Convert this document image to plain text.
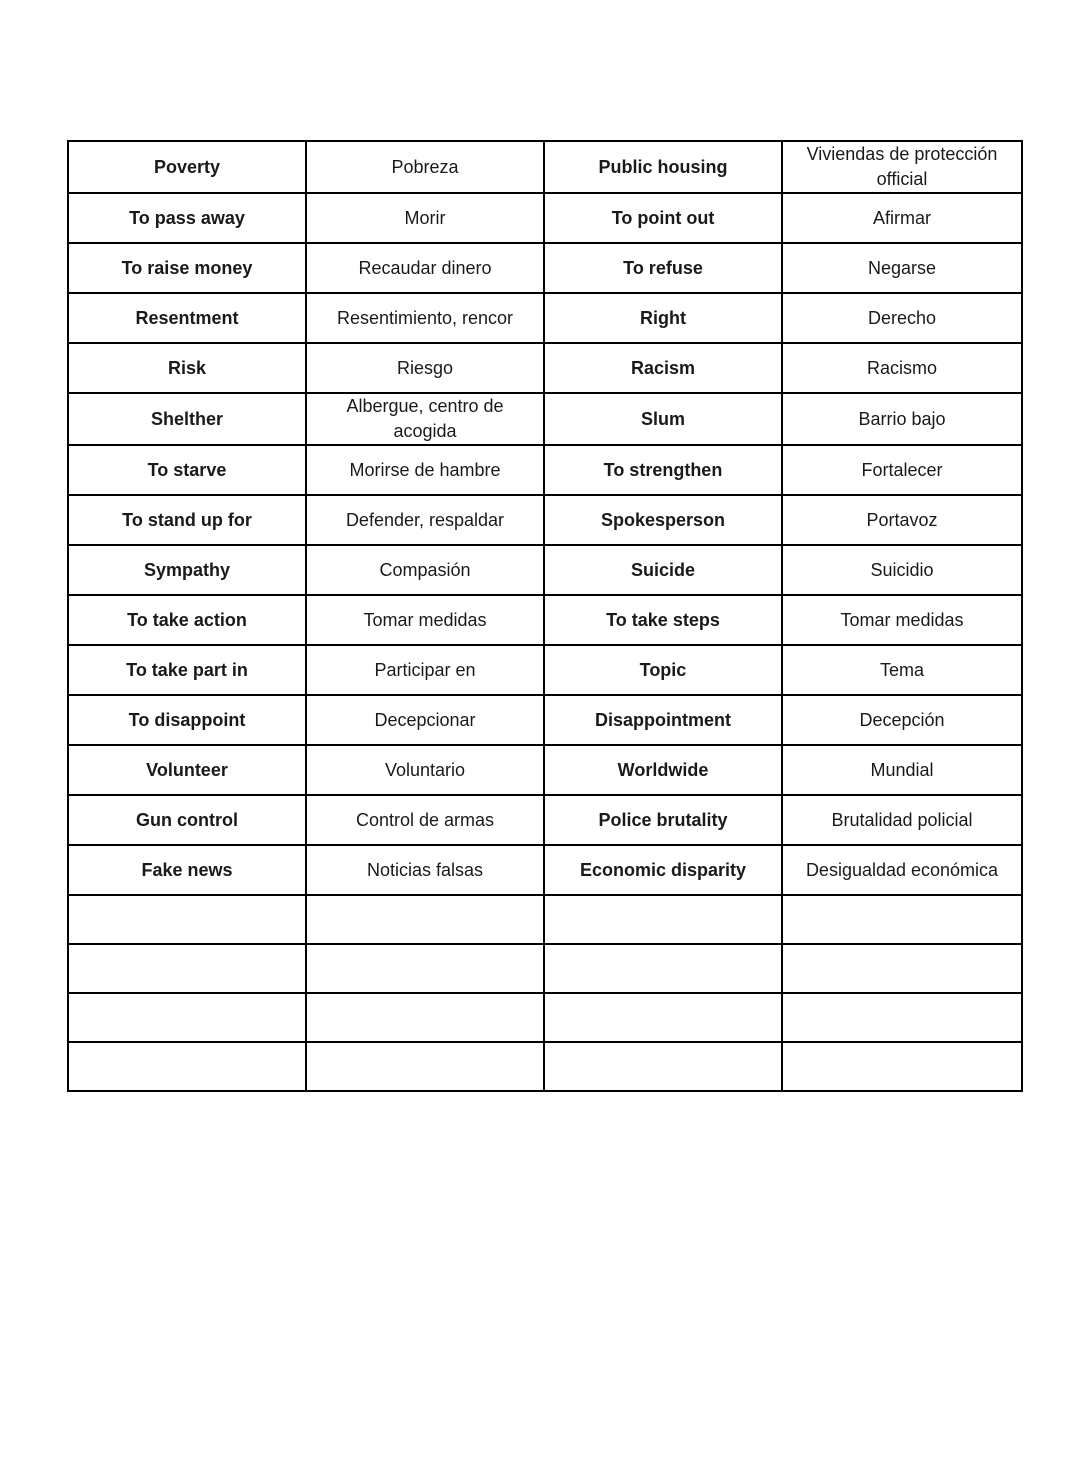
Poverty	Pobreza	Public housing	Viviendas de protección official
To pass away	Morir	To point out	Afirmar
To raise money	Recaudar dinero	To refuse	Negarse
Resentment	Resentimiento, rencor	Right	Derecho
Risk	Riesgo	Racism	Racismo
Shelther	Albergue, centro de acogida	Slum	Barrio bajo
To starve	Morirse de hambre	To strengthen	Fortalecer
To stand up for	Defender, respaldar	Spokesperson	Portavoz
Sympathy	Compasión	Suicide	Suicidio
To take action	Tomar medidas	To take steps	Tomar medidas
To take part in	Participar en	Topic	Tema
To disappoint	Decepcionar	Disappointment	Decepción
Volunteer	Voluntario	Worldwide	Mundial
Gun control	Control de armas	Police brutality	Brutalidad policial
Fake news	Noticias falsas	Economic disparity	Desigualdad económica
